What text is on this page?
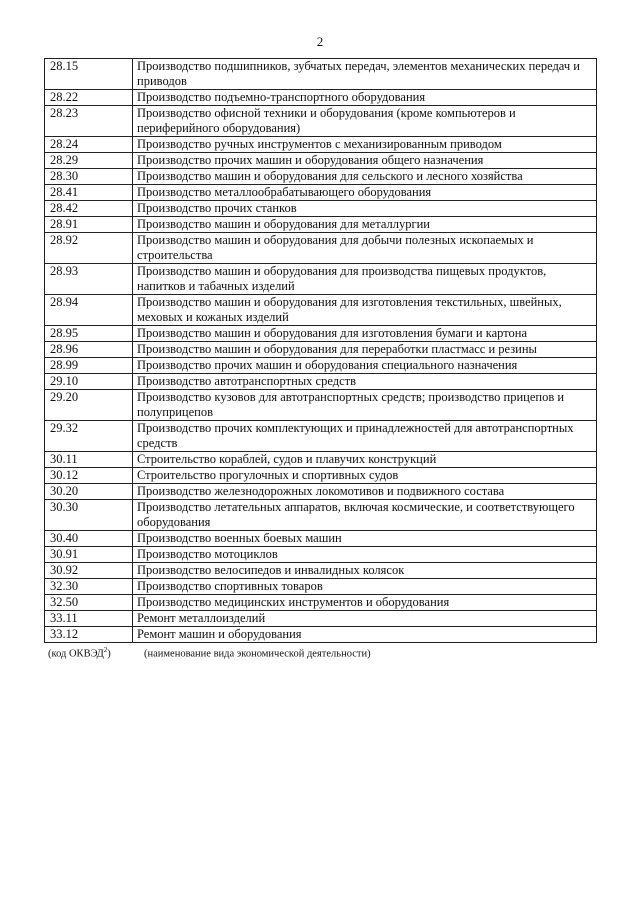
2
28.15	Производство подшипников, зубчатых передач, элементов механических передач и приводов
28.22	Производство подъемно-транспортного оборудования
28.23	Производство офисной техники и оборудования (кроме компьютеров и периферийного оборудования)
28.24	Производство ручных инструментов с механизированным приводом
28.29	Производство прочих машин и оборудования общего назначения
28.30	Производство машин и оборудования для сельского и лесного хозяйства
28.41	Производство металлообрабатывающего оборудования
28.42	Производство прочих станков
28.91	Производство машин и оборудования для металлургии
28.92	Производство машин и оборудования для добычи полезных ископаемых и строительства
28.93	Производство машин и оборудования для производства пищевых продуктов, напитков и табачных изделий
28.94	Производство машин и оборудования для изготовления текстильных, швейных, меховых и кожаных изделий
28.95	Производство машин и оборудования для изготовления бумаги и картона
28.96	Производство машин и оборудования для переработки пластмасс и резины
28.99	Производство прочих машин и оборудования специального назначения
29.10	Производство автотранспортных средств
29.20	Производство кузовов для автотранспортных средств; производство прицепов и полуприцепов
29.32	Производство прочих комплектующих и принадлежностей для автотранспортных средств
30.11	Строительство кораблей, судов и плавучих конструкций
30.12	Строительство прогулочных и спортивных судов
30.20	Производство железнодорожных локомотивов и подвижного состава
30.30	Производство летательных аппаратов, включая космические, и соответствующего оборудования
30.40	Производство военных боевых машин
30.91	Производство мотоциклов
30.92	Производство велосипедов и инвалидных колясок
32.30	Производство спортивных товаров
32.50	Производство медицинских инструментов и оборудования
33.11	Ремонт металлоизделий
33.12	Ремонт машин и оборудования
(код ОКВЭД$^2$)	(наименование вида экономической деятельности)
